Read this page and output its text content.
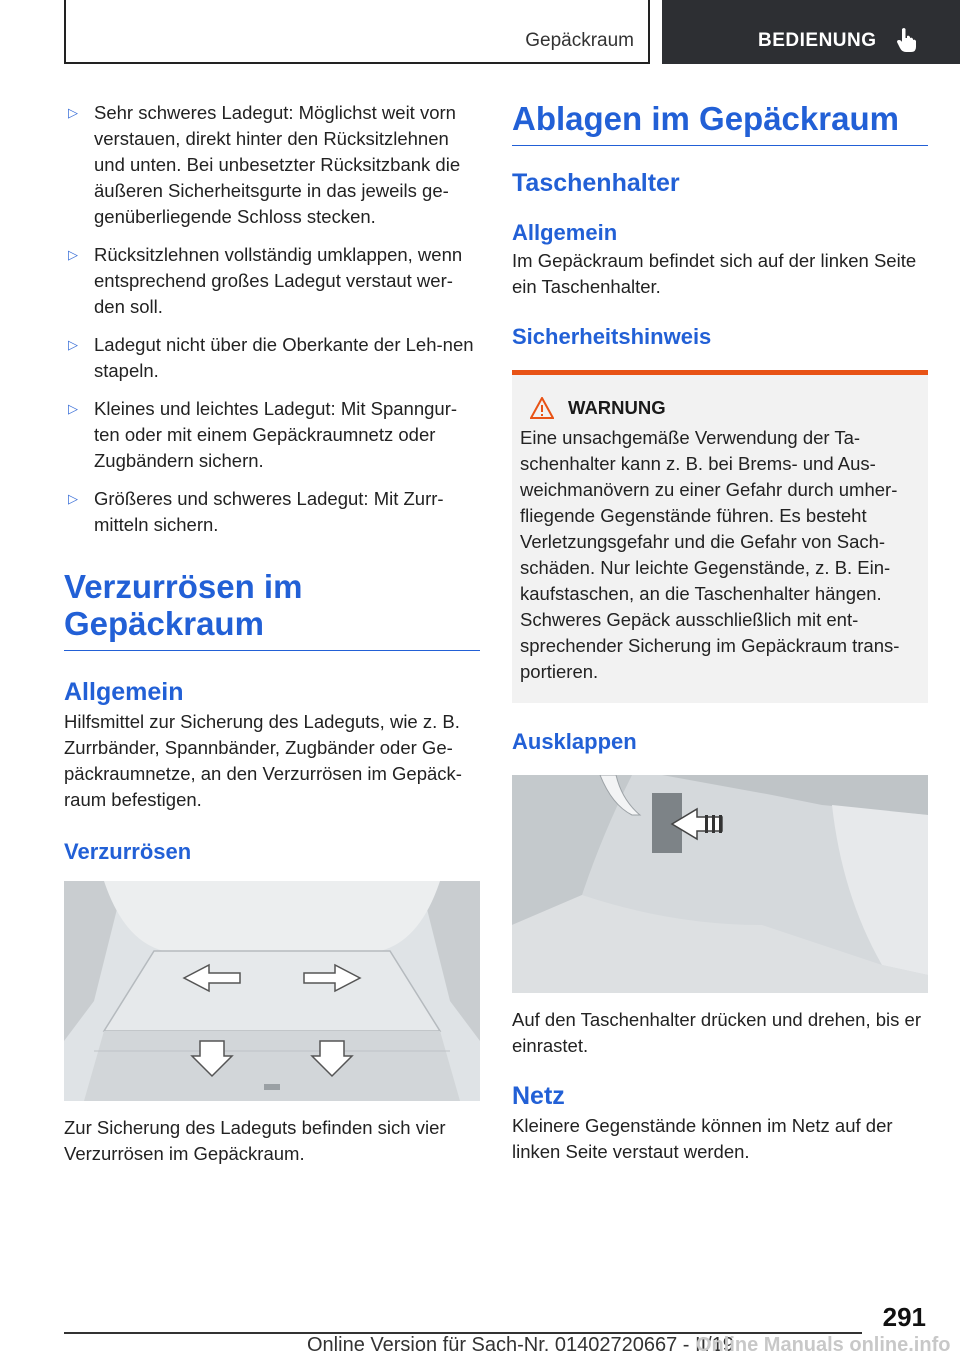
Gepäckraum	BEDIENUNG
▷ Sehr schweres Ladegut: Möglichst weit vorn verstauen, direkt hinter den Rücksitzlehnen und unten. Bei unbesetzter Rücksitzbank die äußeren Sicherheitsgurte in das jeweils ge-genüberliegende Schloss stecken.
▷ Rücksitzlehnen vollständig umklappen, wenn entsprechend großes Ladegut verstaut wer-den soll.
▷ Ladegut nicht über die Oberkante der Leh-nen stapeln.
▷ Kleines und leichtes Ladegut: Mit Spanngur-ten oder mit einem Gepäckraumnetz oder Zugbändern sichern.
▷ Größeres und schweres Ladegut: Mit Zurr-mitteln sichern.
Verzurrösen im Gepäckraum
Allgemein
Hilfsmittel zur Sicherung des Ladeguts, wie z. B. Zurrbänder, Spannbänder, Zugbänder oder Ge-päckraumnetze, an den Verzurrösen im Gepäck-raum befestigen.
Verzurrösen
Zur Sicherung des Ladeguts befinden sich vier Verzurrösen im Gepäckraum.
Ablagen im Gepäckraum
Taschenhalter
Allgemein
Im Gepäckraum befindet sich auf der linken Seite ein Taschenhalter.
Sicherheitshinweis
WARNUNG
Eine unsachgemäße Verwendung der Ta-schenhalter kann z. B. bei Brems- und Aus-weichmanövern zu einer Gefahr durch umher-fliegende Gegenstände führen. Es besteht Verletzungsgefahr und die Gefahr von Sach-schäden. Nur leichte Gegenstände, z. B. Ein-kaufstaschen, an die Taschenhalter hängen. Schweres Gepäck ausschließlich mit ent-sprechender Sicherung im Gepäckraum trans-portieren.
Ausklappen
Auf den Taschenhalter drücken und drehen, bis er einrastet.
Netz
Kleinere Gegenstände können im Netz auf der linken Seite verstaut werden.
291
Online Version für Sach-Nr. 01402720667 - II/19
Online Manuals online.info
